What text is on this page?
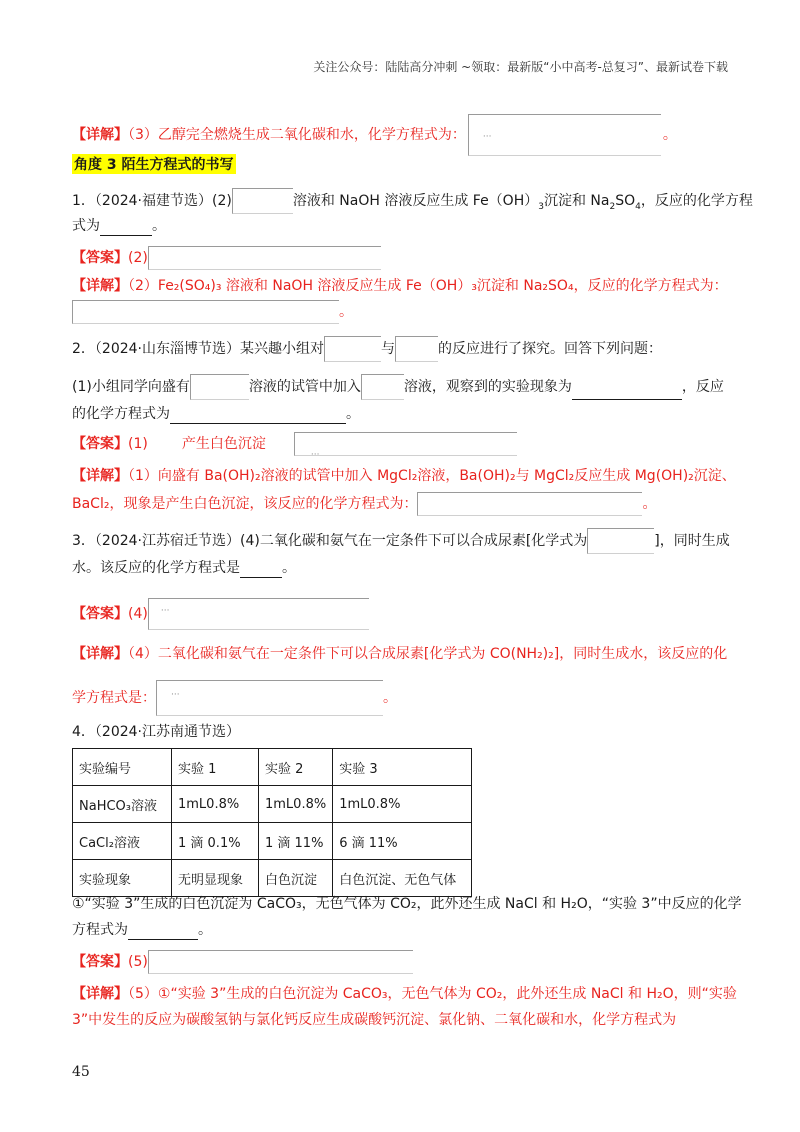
关注公众号：陆陆高分冲刺 ~领取：最新版“小中高考-总复习”、最新试卷下载
【详解】（3）乙醇完全燃烧生成二氧化碳和水，化学方程式为： ···	。
角度 3 陌生方程式的书写
1．（2024·福建节选）(2)	溶液和 NaOH 溶液反应生成 $Fe(OH)_3$沉淀和 $Na_2SO_4$，反应的化学方程
式为	。
【答案】(2)
【详解】（2）Fe₂(SO₄)₃ 溶液和 NaOH 溶液反应生成 Fe（OH）₃沉淀和 Na₂SO₄，反应的化学方程式为：
。
2．（2024·山东淄博节选）某兴趣小组对	与	的反应进行了探究。回答下列问题：
(1)小组同学向盛有	溶液的试管中加入	溶液，观察到的实验现象为	，反应
的化学方程式为	。
【答案】(1) 产生白色沉淀
···
【详解】（1）向盛有 Ba(OH)₂溶液的试管中加入 MgCl₂溶液，Ba(OH)₂与 MgCl₂反应生成 Mg(OH)₂沉淀、
BaCl₂，现象是产生白色沉淀，该反应的化学方程式为：	。
3．（2024·江苏宿迁节选）(4)二氧化碳和氨气在一定条件下可以合成尿素[化学式为	]，同时生成
水。该反应的化学方程式是	。
【答案】(4) ···
【详解】（4）二氧化碳和氨气在一定条件下可以合成尿素[化学式为 CO(NH₂)₂]，同时生成水，该反应的化
学方程式是： ···	。
4．（2024·江苏南通节选）
实验编号	实验 1	实验 2	实验 3
NaHCO₃溶液	1mL0.8%	1mL0.8%	1mL0.8%
CaCl₂溶液	1 滴 0.1%	1 滴 11%	6 滴 11%
实验现象	无明显现象	白色沉淀	白色沉淀、无色气体
①“实验 3”生成的白色沉淀为 CaCO₃，无色气体为 CO₂，此外还生成 NaCl 和 H₂O，“实验 3”中反应的化学
方程式为	。
【答案】(5)
【详解】（5）①“实验 3”生成的白色沉淀为 CaCO₃，无色气体为 CO₂，此外还生成 NaCl 和 H₂O，则“实验
3”中发生的反应为碳酸氢钠与氯化钙反应生成碳酸钙沉淀、氯化钠、二氧化碳和水，化学方程式为
45
